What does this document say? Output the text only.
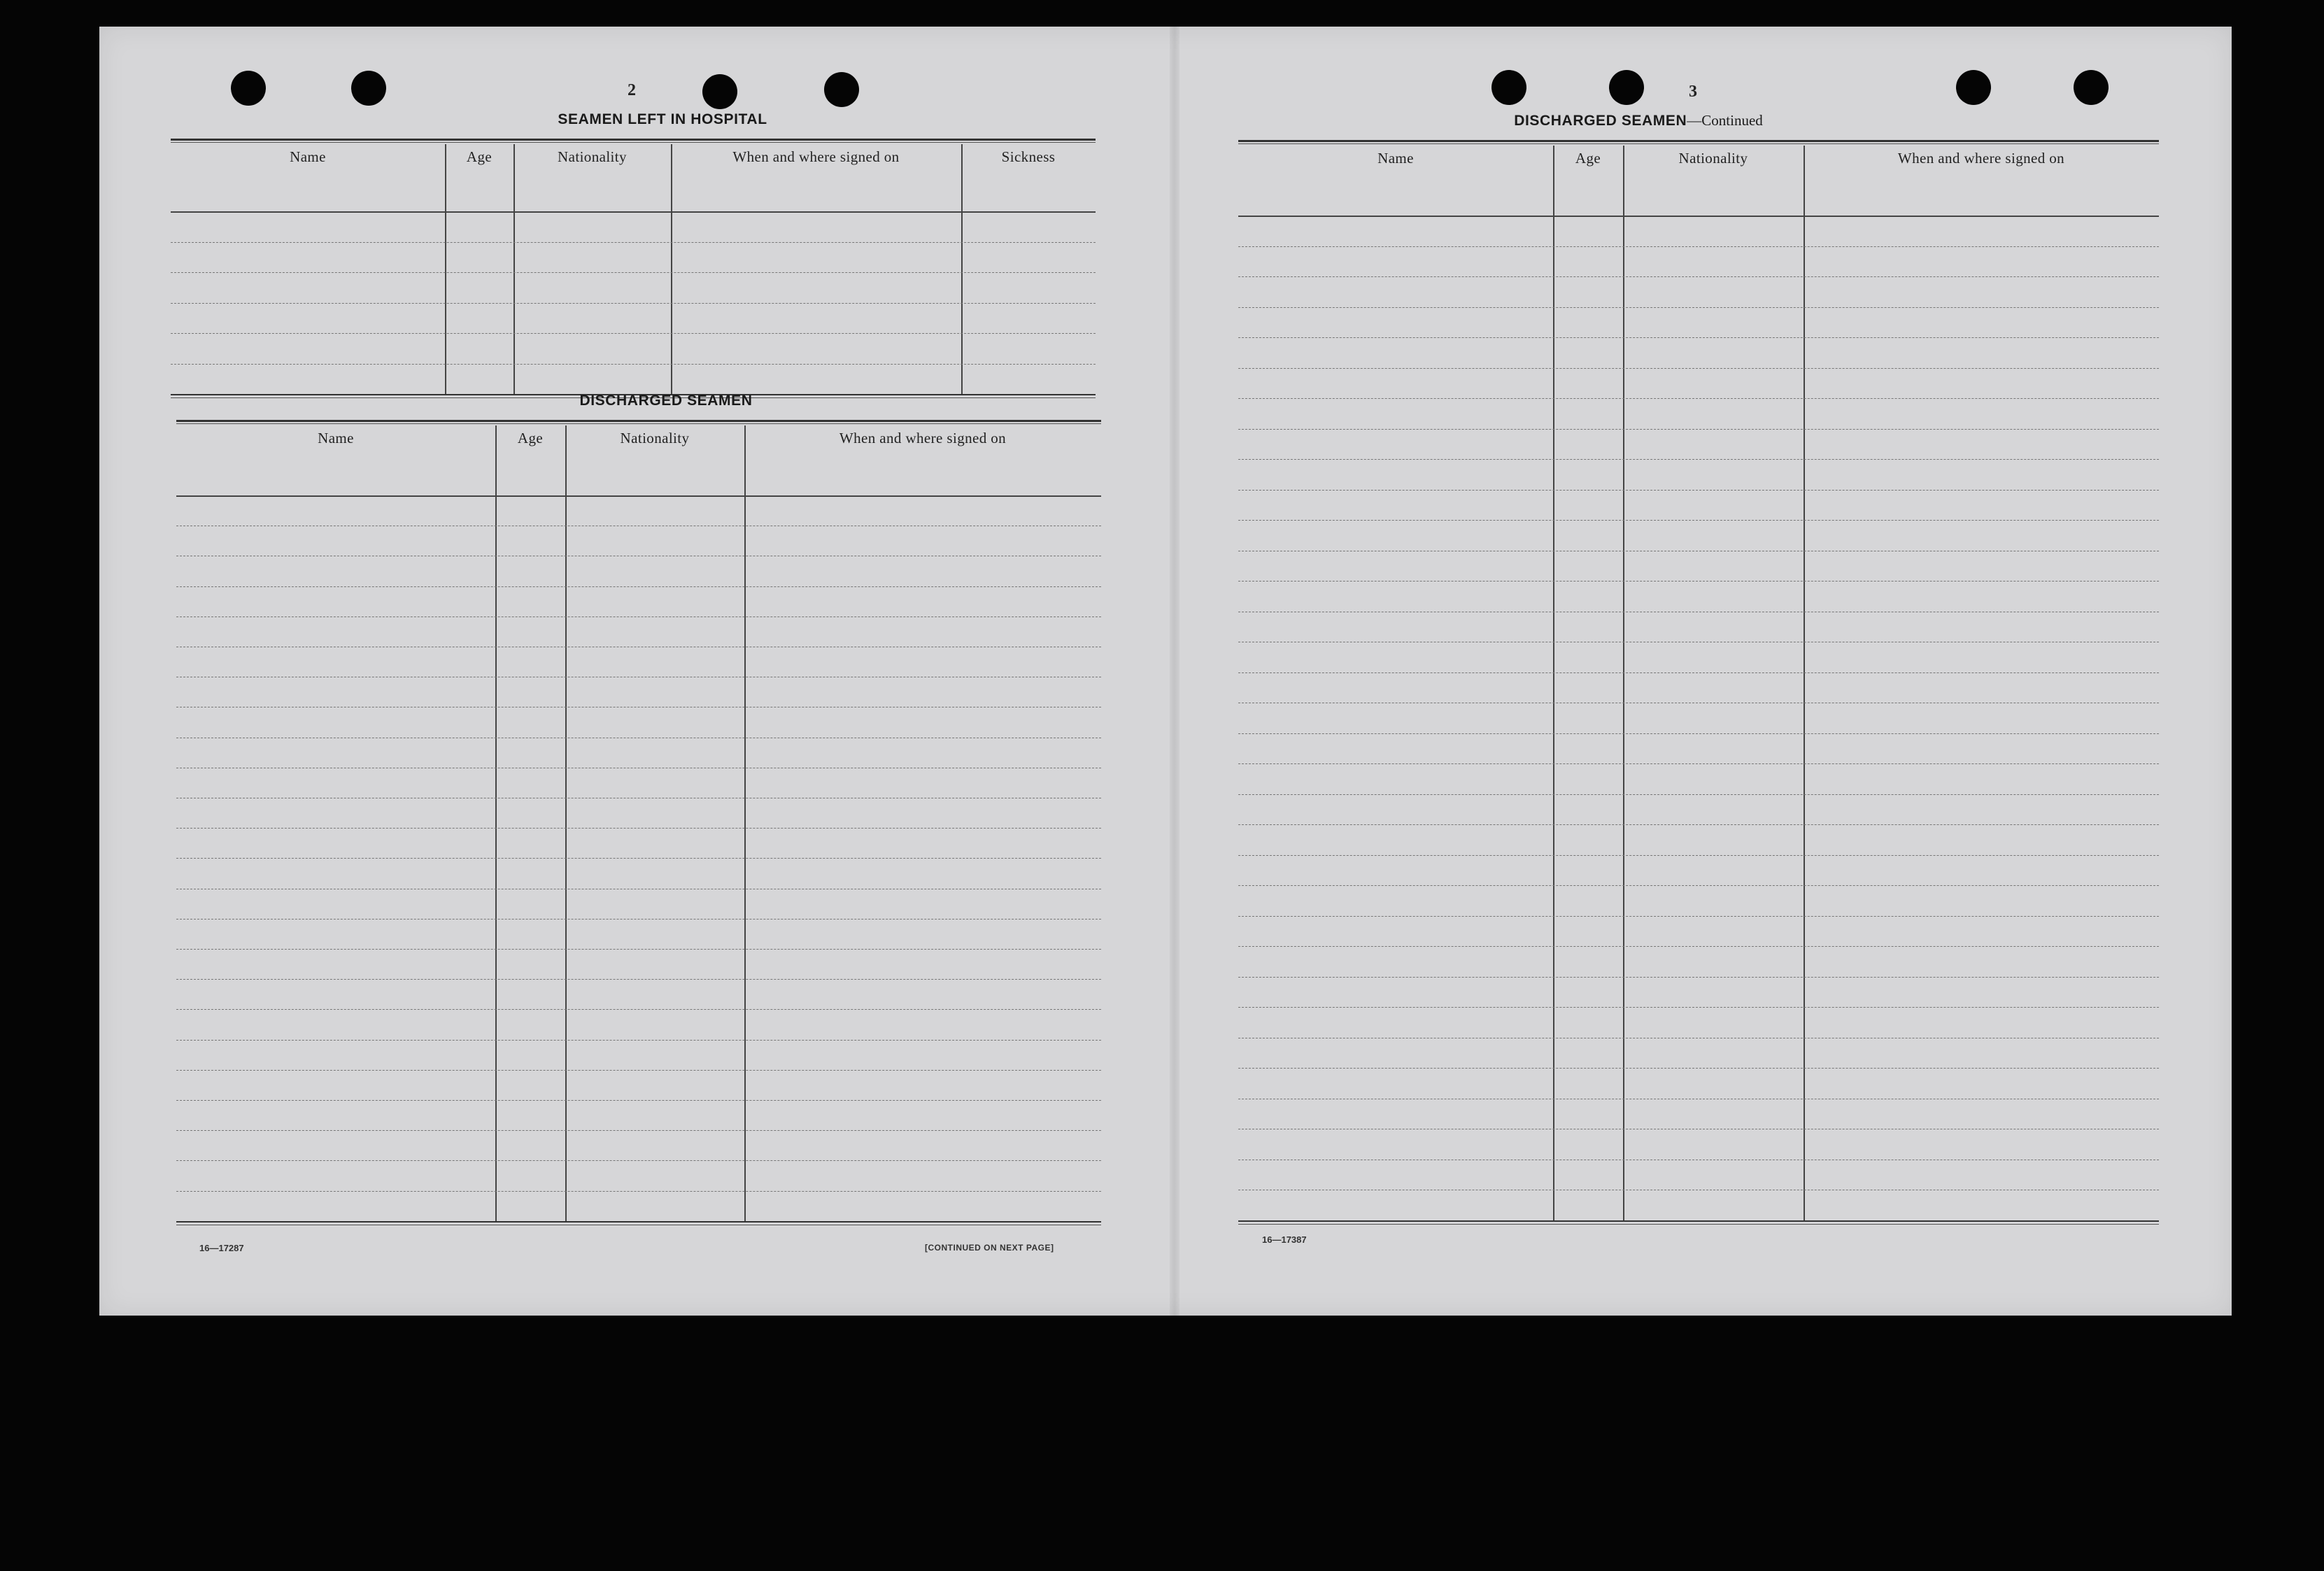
2
SEAMEN LEFT IN HOSPITAL
Name	Age	Nationality	When and where signed on	Sickness
DISCHARGED SEAMEN
Name	Age	Nationality	When and where signed on
16—17287	[CONTINUED ON NEXT PAGE]
3
DISCHARGED SEAMEN—Continued
Name	Age	Nationality	When and where signed on
16—17387
